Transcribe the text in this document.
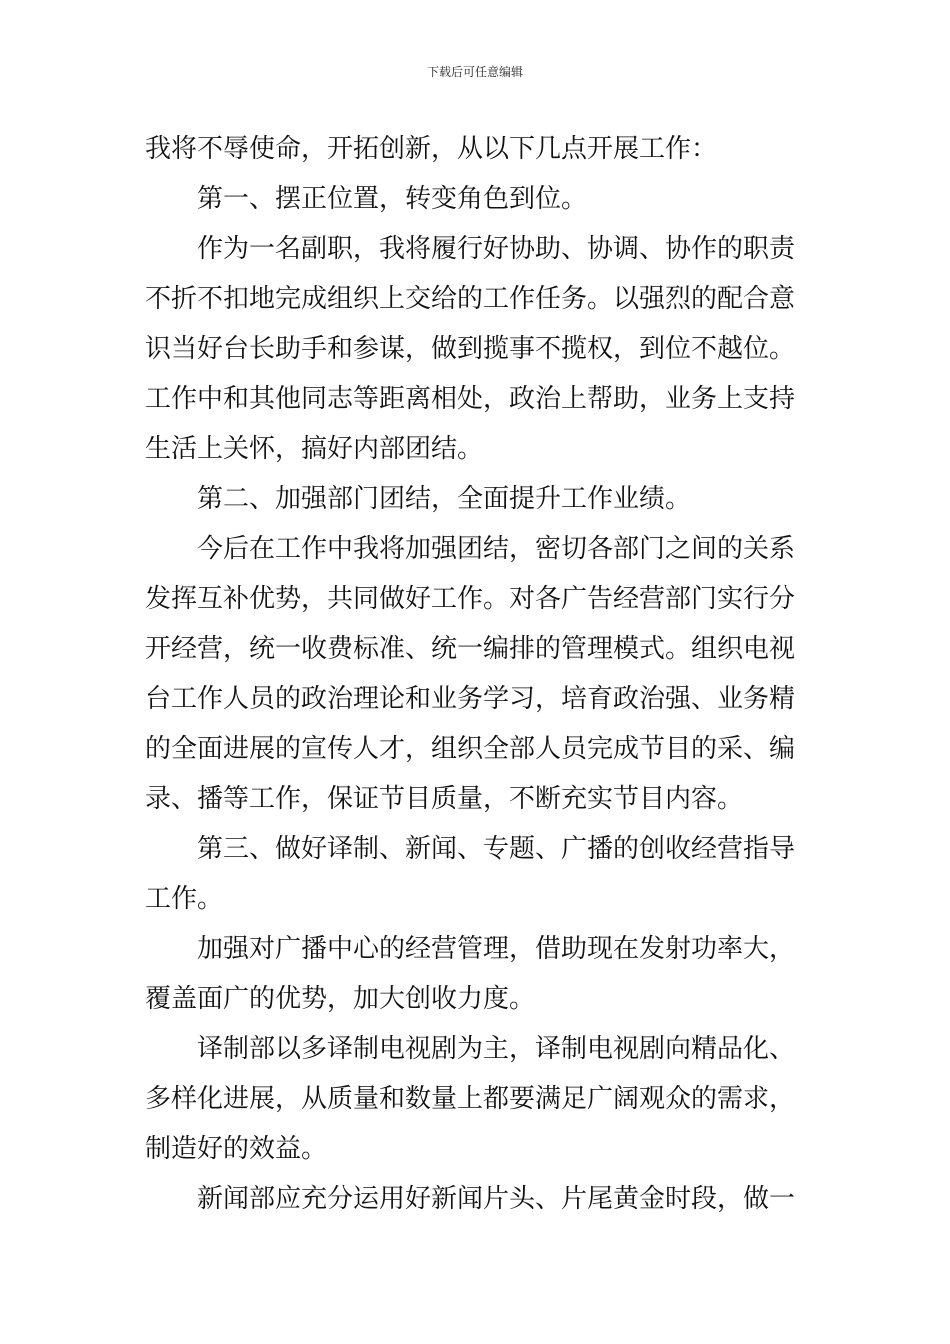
下载后可任意编辑
我将不辱使命，开拓创新，从以下几点开展工作：
第一、摆正位置，转变角色到位。
作为一名副职，我将履行好协助、协调、协作的职责
不折不扣地完成组织上交给的工作任务。以强烈的配合意
识当好台长助手和参谋，做到揽事不揽权，到位不越位。
工作中和其他同志等距离相处，政治上帮助，业务上支持
生活上关怀，搞好内部团结。
第二、加强部门团结，全面提升工作业绩。
今后在工作中我将加强团结，密切各部门之间的关系
发挥互补优势，共同做好工作。对各广告经营部门实行分
开经营，统一收费标准、统一编排的管理模式。组织电视
台工作人员的政治理论和业务学习，培育政治强、业务精
的全面进展的宣传人才，组织全部人员完成节目的采、编
录、播等工作，保证节目质量，不断充实节目内容。
第三、做好译制、新闻、专题、广播的创收经营指导
工作。
加强对广播中心的经营管理，借助现在发射功率大，
覆盖面广的优势，加大创收力度。
译制部以多译制电视剧为主，译制电视剧向精品化、
多样化进展，从质量和数量上都要满足广阔观众的需求，
制造好的效益。
新闻部应充分运用好新闻片头、片尾黄金时段，做一
